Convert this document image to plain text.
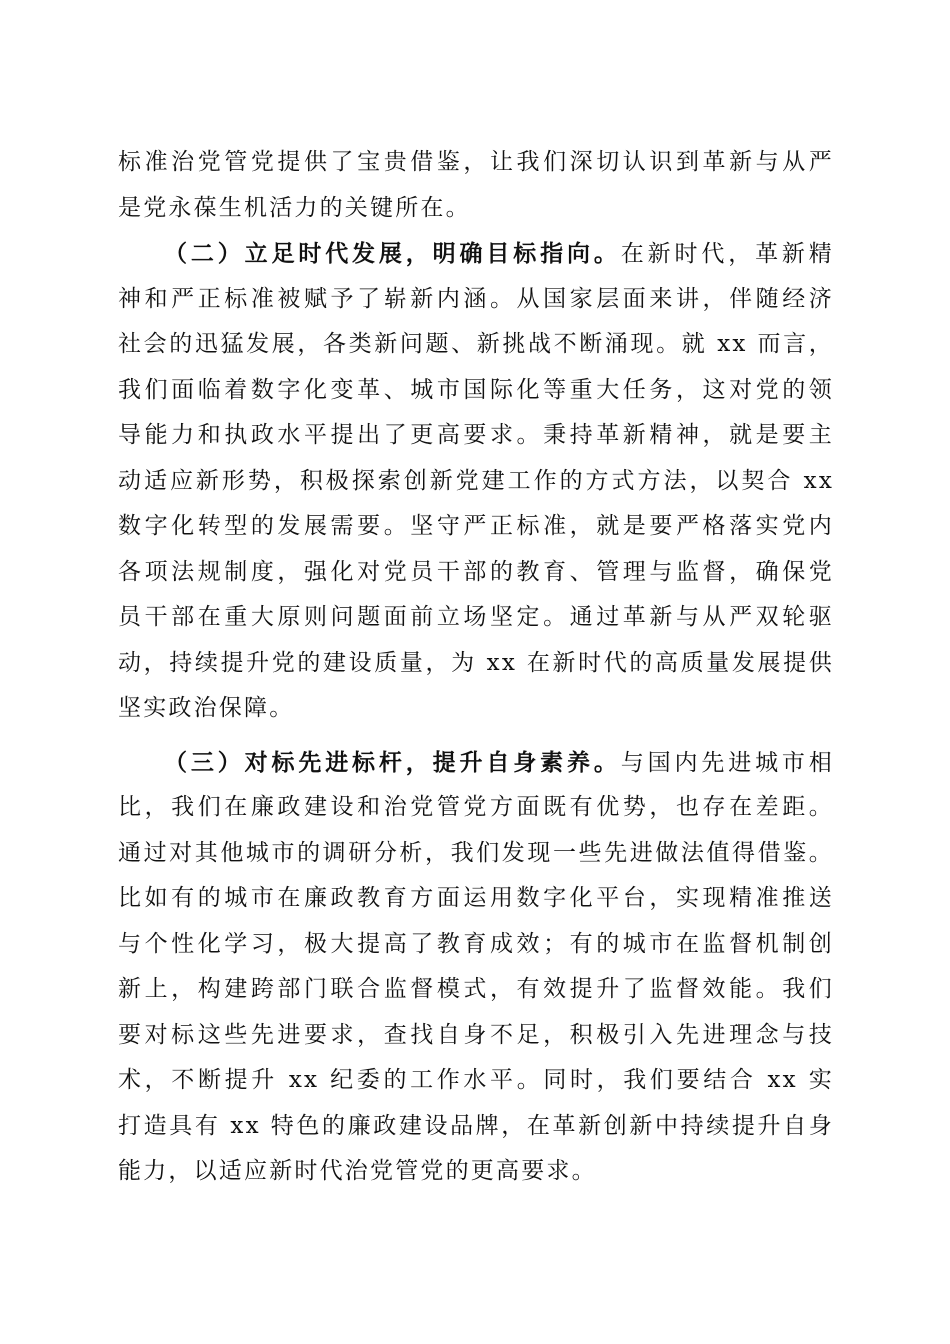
标准治党管党提供了宝贵借鉴，让我们深切认识到革新与从严
是党永葆生机活力的关键所在。
（二）立足时代发展，明确目标指向。在新时代，革新精
神和严正标准被赋予了崭新内涵。从国家层面来讲，伴随经济
社会的迅猛发展，各类新问题、新挑战不断涌现。就 xx 而言，
我们面临着数字化变革、城市国际化等重大任务，这对党的领
导能力和执政水平提出了更高要求。秉持革新精神，就是要主
动适应新形势，积极探索创新党建工作的方式方法，以契合 xx
数字化转型的发展需要。坚守严正标准，就是要严格落实党内
各项法规制度，强化对党员干部的教育、管理与监督，确保党
员干部在重大原则问题面前立场坚定。通过革新与从严双轮驱
动，持续提升党的建设质量，为 xx 在新时代的高质量发展提供
坚实政治保障。
（三）对标先进标杆，提升自身素养。与国内先进城市相
比，我们在廉政建设和治党管党方面既有优势，也存在差距。
通过对其他城市的调研分析，我们发现一些先进做法值得借鉴。
比如有的城市在廉政教育方面运用数字化平台，实现精准推送
与个性化学习，极大提高了教育成效；有的城市在监督机制创
新上，构建跨部门联合监督模式，有效提升了监督效能。我们
要对标这些先进要求，查找自身不足，积极引入先进理念与技
术，不断提升 xx 纪委的工作水平。同时，我们要结合 xx 实
打造具有 xx 特色的廉政建设品牌，在革新创新中持续提升自身
能力，以适应新时代治党管党的更高要求。
